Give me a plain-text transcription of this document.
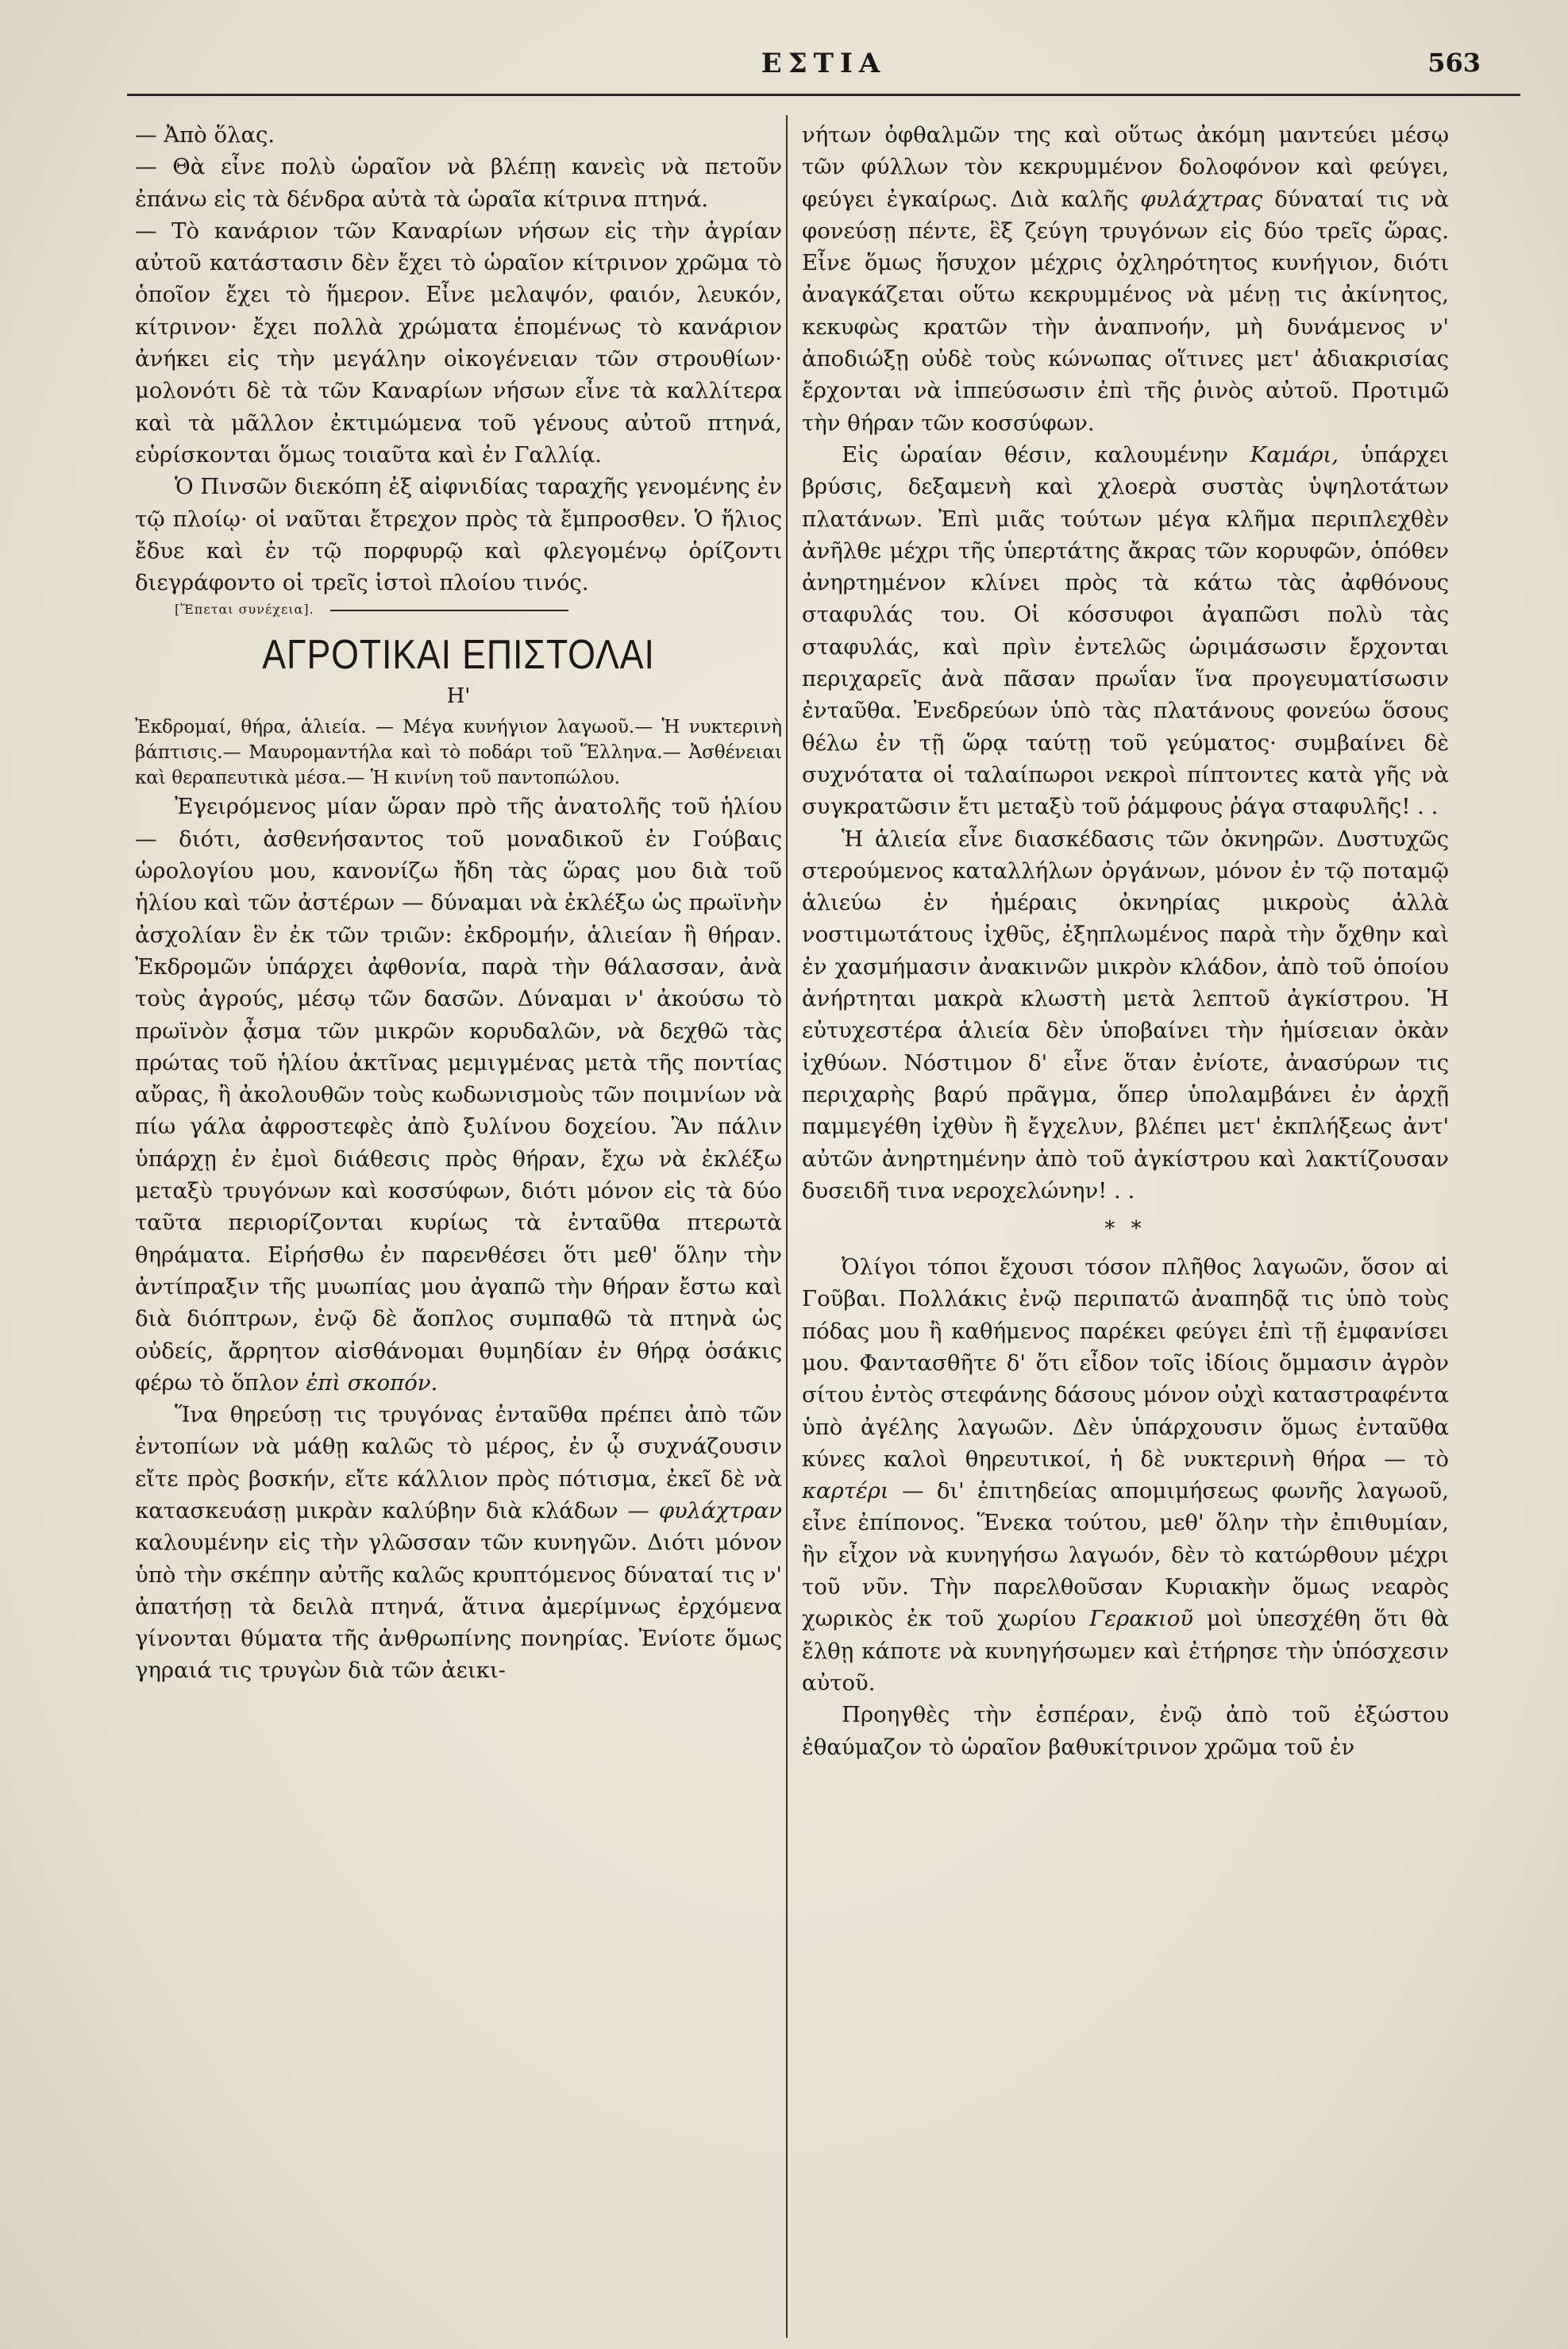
ΕΣΤΙΑ	563

— Ἀπὸ ὅλας.

— Θὰ εἶνε πολὺ ὡραῖον νὰ βλέπῃ κανεὶς νὰ πετοῦν ἐπάνω εἰς τὰ δένδρα αὐτὰ τὰ ὡραῖα κίτρινα πτηνά.

— Τὸ κανάριον τῶν Καναρίων νήσων εἰς τὴν ἀγρίαν αὐτοῦ κατάστασιν δὲν ἔχει τὸ ὡραῖον κίτρινον χρῶμα τὸ ὁποῖον ἔχει τὸ ἥμερον. Εἶνε μελαψόν, φαιόν, λευκόν, κίτρινον· ἔχει πολλὰ χρώματα ἑπομένως τὸ κανάριον ἀνήκει εἰς τὴν μεγάλην οἰκογένειαν τῶν στρουθίων· μολονότι δὲ τὰ τῶν Καναρίων νήσων εἶνε τὰ καλλίτερα καὶ τὰ μᾶλλον ἐκτιμώμενα τοῦ γένους αὐτοῦ πτηνά, εὑρίσκονται ὅμως τοιαῦτα καὶ ἐν Γαλλίᾳ.

Ὁ Πινσῶν διεκόπη ἐξ αἰφνιδίας ταραχῆς γενομένης ἐν τῷ πλοίῳ· οἱ ναῦται ἔτρεχον πρὸς τὰ ἔμπροσθεν. Ὁ ἥλιος ἔδυε καὶ ἐν τῷ πορφυρῷ καὶ φλεγομένῳ ὁρίζοντι διεγράφοντο οἱ τρεῖς ἱστοὶ πλοίου τινός.

[Ἕπεται συνέχεια].
ΑΓΡΟΤΙΚΑΙ ΕΠΙΣΤΟΛΑΙ
Η'

Ἐκδρομαί, θήρα, ἁλιεία. — Μέγα κυνήγιον λαγωοῦ.— Ἡ νυκτερινὴ βάπτισις.— Μαυρομαντήλα καὶ τὸ ποδάρι τοῦ Ἕλληνα.— Ἀσθένειαι καὶ θεραπευτικὰ μέσα.— Ἡ κινίνη τοῦ παντοπώλου.

Ἐγειρόμενος μίαν ὥραν πρὸ τῆς ἀνατολῆς τοῦ ἡλίου — διότι, ἀσθενήσαντος τοῦ μοναδικοῦ ἐν Γούβαις ὡρολογίου μου, κανονίζω ἤδη τὰς ὥρας μου διὰ τοῦ ἡλίου καὶ τῶν ἀστέρων — δύναμαι νὰ ἐκλέξω ὡς πρωϊνὴν ἀσχολίαν ἓν ἐκ τῶν τριῶν: ἐκδρομήν, ἁλιείαν ἢ θήραν. Ἐκδρομῶν ὑπάρχει ἀφθονία, παρὰ τὴν θάλασσαν, ἀνὰ τοὺς ἀγρούς, μέσῳ τῶν δασῶν. Δύναμαι ν' ἀκούσω τὸ πρωϊνὸν ᾆσμα τῶν μικρῶν κορυδαλῶν, νὰ δεχθῶ τὰς πρώτας τοῦ ἡλίου ἀκτῖνας μεμιγμένας μετὰ τῆς ποντίας αὔρας, ἢ ἀκολουθῶν τοὺς κωδωνισμοὺς τῶν ποιμνίων νὰ πίω γάλα ἀφροστεφὲς ἀπὸ ξυλίνου δοχείου. Ἂν πάλιν ὑπάρχῃ ἐν ἐμοὶ διάθεσις πρὸς θήραν, ἔχω νὰ ἐκλέξω μεταξὺ τρυγόνων καὶ κοσσύφων, διότι μόνον εἰς τὰ δύο ταῦτα περιορίζονται κυρίως τὰ ἐνταῦθα πτερωτὰ θηράματα. Εἰρήσθω ἐν παρενθέσει ὅτι μεθ' ὅλην τὴν ἀντίπραξιν τῆς μυωπίας μου ἀγαπῶ τὴν θήραν ἔστω καὶ διὰ διόπτρων, ἐνῷ δὲ ἄοπλος συμπαθῶ τὰ πτηνὰ ὡς οὐδείς, ἄρρητον αἰσθάνομαι θυμηδίαν ἐν θήρᾳ ὁσάκις φέρω τὸ ὅπλον ἐπὶ σκοπόν.

Ἵνα θηρεύσῃ τις τρυγόνας ἐνταῦθα πρέπει ἀπὸ τῶν ἐντοπίων νὰ μάθῃ καλῶς τὸ μέρος, ἐν ᾧ συχνάζουσιν εἴτε πρὸς βοσκήν, εἴτε κάλλιον πρὸς πότισμα, ἐκεῖ δὲ νὰ κατασκευάσῃ μικρὰν καλύβην διὰ κλάδων — φυλάχτραν καλουμένην εἰς τὴν γλῶσσαν τῶν κυνηγῶν. Διότι μόνον ὑπὸ τὴν σκέπην αὐτῆς καλῶς κρυπτόμενος δύναταί τις ν' ἀπατήσῃ τὰ δειλὰ πτηνά, ἅτινα ἀμερίμνως ἐρχόμενα γίνονται θύματα τῆς ἀνθρωπίνης πονηρίας. Ἐνίοτε ὅμως γηραιά τις τρυγὼν διὰ τῶν ἀεικι-

νήτων ὀφθαλμῶν της καὶ οὕτως ἀκόμη μαντεύει μέσῳ τῶν φύλλων τὸν κεκρυμμένον δολοφόνον καὶ φεύγει, φεύγει ἐγκαίρως. Διὰ καλῆς φυλάχτρας δύναταί τις νὰ φονεύσῃ πέντε, ἓξ ζεύγη τρυγόνων εἰς δύο τρεῖς ὥρας. Εἶνε ὅμως ἥσυχον μέχρις ὀχληρότητος κυνήγιον, διότι ἀναγκάζεται οὕτω κεκρυμμένος νὰ μένῃ τις ἀκίνητος, κεκυφὼς κρατῶν τὴν ἀναπνοήν, μὴ δυνάμενος ν' ἀποδιώξῃ οὐδὲ τοὺς κώνωπας οἵτινες μετ' ἀδιακρισίας ἔρχονται νὰ ἱππεύσωσιν ἐπὶ τῆς ῥινὸς αὐτοῦ. Προτιμῶ τὴν θήραν τῶν κοσσύφων.

Εἰς ὡραίαν θέσιν, καλουμένην Καμάρι, ὑπάρχει βρύσις, δεξαμενὴ καὶ χλοερὰ συστὰς ὑψηλοτάτων πλατάνων. Ἐπὶ μιᾶς τούτων μέγα κλῆμα περιπλεχθὲν ἀνῆλθε μέχρι τῆς ὑπερτάτης ἄκρας τῶν κορυφῶν, ὁπόθεν ἀνηρτημένον κλίνει πρὸς τὰ κάτω τὰς ἀφθόνους σταφυλάς του. Οἱ κόσσυφοι ἀγαπῶσι πολὺ τὰς σταφυλάς, καὶ πρὶν ἐντελῶς ὡριμάσωσιν ἔρχονται περιχαρεῖς ἀνὰ πᾶσαν πρωΐαν ἵνα προγευματίσωσιν ἐνταῦθα. Ἐνεδρεύων ὑπὸ τὰς πλατάνους φονεύω ὅσους θέλω ἐν τῇ ὥρᾳ ταύτῃ τοῦ γεύματος· συμβαίνει δὲ συχνότατα οἱ ταλαίπωροι νεκροὶ πίπτοντες κατὰ γῆς νὰ συγκρατῶσιν ἔτι μεταξὺ τοῦ ῥάμφους ῥάγα σταφυλῆς! . .

Ἡ ἁλιεία εἶνε διασκέδασις τῶν ὀκνηρῶν. Δυστυχῶς στερούμενος καταλλήλων ὀργάνων, μόνον ἐν τῷ ποταμῷ ἁλιεύω ἐν ἡμέραις ὀκνηρίας μικροὺς ἀλλὰ νοστιμωτάτους ἰχθῦς, ἐξηπλωμένος παρὰ τὴν ὄχθην καὶ ἐν χασμήμασιν ἀνακινῶν μικρὸν κλάδον, ἀπὸ τοῦ ὁποίου ἀνήρτηται μακρὰ κλωστὴ μετὰ λεπτοῦ ἀγκίστρου. Ἡ εὐτυχεστέρα ἁλιεία δὲν ὑποβαίνει τὴν ἡμίσειαν ὀκὰν ἰχθύων. Νόστιμον δ' εἶνε ὅταν ἐνίοτε, ἀνασύρων τις περιχαρὴς βαρύ πρᾶγμα, ὅπερ ὑπολαμβάνει ἐν ἀρχῇ παμμεγέθη ἰχθὺν ἢ ἔγχελυν, βλέπει μετ' ἐκπλήξεως ἀντ' αὐτῶν ἀνηρτημένην ἀπὸ τοῦ ἀγκίστρου καὶ λακτίζουσαν δυσειδῆ τινα νεροχελώνην! . .

* *

Ὀλίγοι τόποι ἔχουσι τόσον πλῆθος λαγωῶν, ὅσον αἱ Γοῦβαι. Πολλάκις ἐνῷ περιπατῶ ἀναπηδᾷ τις ὑπὸ τοὺς πόδας μου ἢ καθήμενος παρέκει φεύγει ἐπὶ τῇ ἐμφανίσει μου. Φαντασθῆτε δ' ὅτι εἶδον τοῖς ἰδίοις ὄμμασιν ἀγρὸν σίτου ἐντὸς στεφάνης δάσους μόνον οὐχὶ καταστραφέντα ὑπὸ ἀγέλης λαγωῶν. Δὲν ὑπάρχουσιν ὅμως ἐνταῦθα κύνες καλοὶ θηρευτικοί, ἡ δὲ νυκτερινὴ θήρα — τὸ καρτέρι — δι' ἐπιτηδείας απομιμήσεως φωνῆς λαγωοῦ, εἶνε ἐπίπονος. Ἕνεκα τούτου, μεθ' ὅλην τὴν ἐπιθυμίαν, ἣν εἶχον νὰ κυνηγήσω λαγωόν, δὲν τὸ κατώρθουν μέχρι τοῦ νῦν. Τὴν παρελθοῦσαν Κυριακὴν ὅμως νεαρὸς χωρικὸς ἐκ τοῦ χωρίου Γερακιοῦ μοὶ ὑπεσχέθη ὅτι θὰ ἔλθῃ κάποτε νὰ κυνηγήσωμεν καὶ ἐτήρησε τὴν ὑπόσχεσιν αὐτοῦ.

Προηγθὲς τὴν ἑσπέραν, ἐνῷ ἀπὸ τοῦ ἐξώστου ἐθαύμαζον τὸ ὡραῖον βαθυκίτρινον χρῶμα τοῦ ἐν
